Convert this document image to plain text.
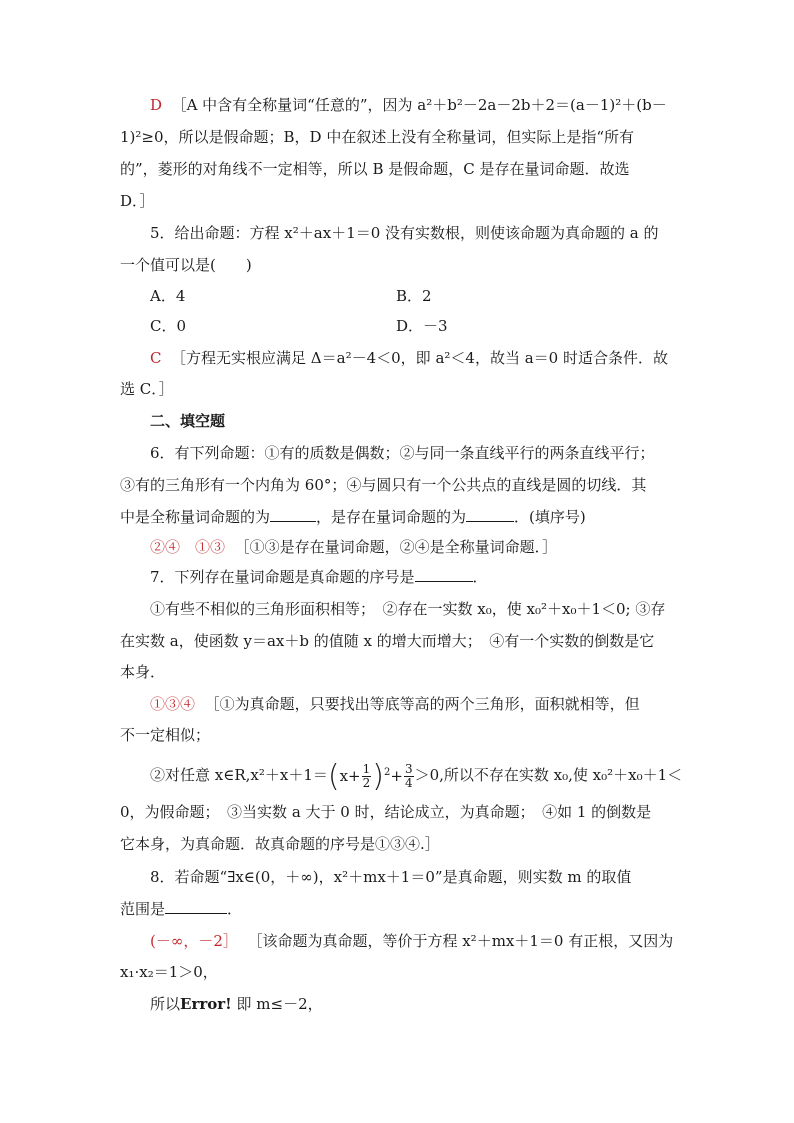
D ［A 中含有全称量词“任意的”，因为 a²＋b²－2a－2b＋2＝(a－1)²＋(b－
1)²≥0，所以是假命题；B，D 中在叙述上没有全称量词，但实际上是指“所有
的”，菱形的对角线不一定相等，所以 B 是假命题，C 是存在量词命题．故选
D．］
5．给出命题：方程 x²＋ax＋1＝0 没有实数根，则使该命题为真命题的 a 的
一个值可以是(　　)
A．4	B．2
C．0	D．－3
C ［方程无实根应满足 Δ＝a²－4＜0，即 a²＜4，故当 a＝0 时适合条件．故
选 C．］
二、填空题
6．有下列命题：①有的质数是偶数；②与同一条直线平行的两条直线平行；
③有的三角形有一个内角为 60°；④与圆只有一个公共点的直线是圆的切线．其
中是全称量词命题的为	，是存在量词命题的为	．(填序号)
②④　①③ ［①③是存在量词命题，②④是全称量词命题．］
7．下列存在量词命题是真命题的序号是	．
①有些不相似的三角形面积相等；　②存在一实数 x₀，使 x₀²＋x₀＋1＜0; ③存
在实数 a，使函数 y＝ax＋b 的值随 x 的增大而增大；　④有一个实数的倒数是它
本身．
①③④ ［①为真命题，只要找出等底等高的两个三角形，面积就相等，但
不一定相似；
②对任意 x∈R,x²＋x＋1＝(x+ $\frac{1}{2} )^2+ \frac{3}{4} >0$,所以不存在实数 x₀,使 x₀²＋x₀＋1＜
0，为假命题；　③当实数 a 大于 0 时，结论成立，为真命题；　④如 1 的倒数是
它本身，为真命题．故真命题的序号是①③④.］
8．若命题“∃x∈(0，＋∞)，x²＋mx＋1＝0”是真命题，则实数 m 的取值
范围是	．
(－∞，－2］ ［该命题为真命题，等价于方程 x²＋mx＋1＝0 有正根，又因为
x₁·x₂＝1＞0，
所以Error! 即 m≤－2，
